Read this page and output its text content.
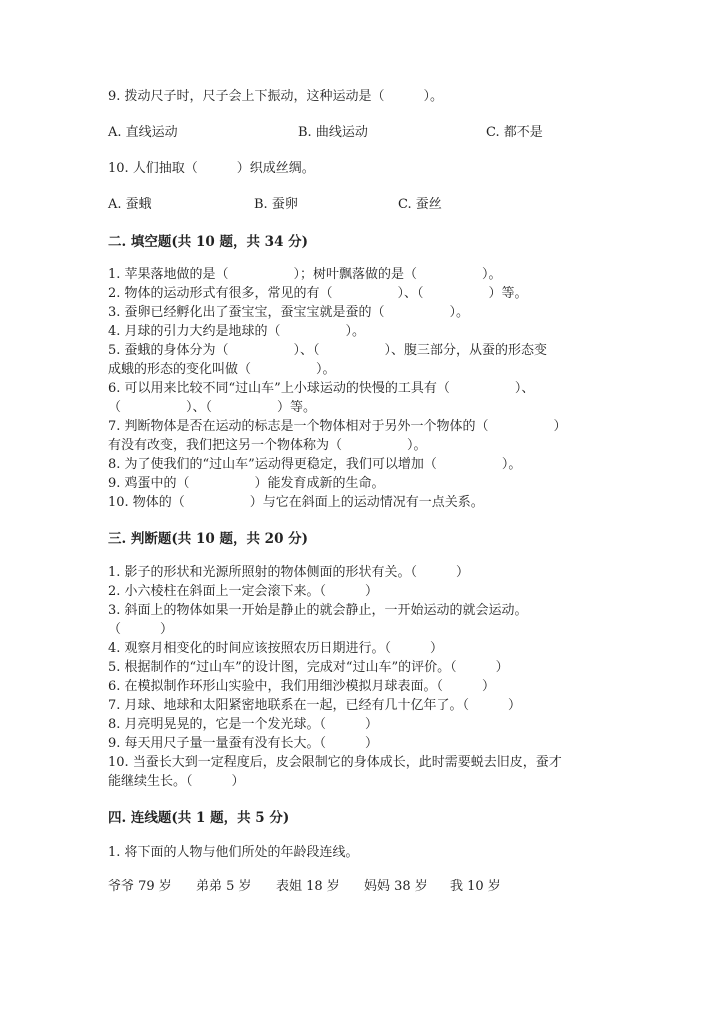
9. 拨动尺子时，尺子会上下振动，这种运动是（　　　）。
A. 直线运动	B. 曲线运动	C. 都不是
10. 人们抽取（　　　）织成丝绸。
A. 蚕蛾	B. 蚕卵	C. 蚕丝
二. 填空题(共 10 题，共 34 分)
1. 苹果落地做的是（　　　　　）；树叶飘落做的是（　　　　　）。
2. 物体的运动形式有很多，常见的有（　　　　　）、（　　　　　）等。
3. 蚕卵已经孵化出了蚕宝宝，蚕宝宝就是蚕的（　　　　　）。
4. 月球的引力大约是地球的（　　　　　）。
5. 蚕蛾的身体分为（　　　　　）、（　　　　　）、腹三部分，从蚕的形态变
成蛾的形态的变化叫做（　　　　　）。
6. 可以用来比较不同“过山车”上小球运动的快慢的工具有（　　　　　）、
（　　　　　）、（　　　　　）等。
7. 判断物体是否在运动的标志是一个物体相对于另外一个物体的（　　　　　）
有没有改变，我们把这另一个物体称为（　　　　　）。
8. 为了使我们的“过山车”运动得更稳定，我们可以增加（　　　　　）。
9. 鸡蛋中的（　　　　　）能发育成新的生命。
10. 物体的（　　　　　）与它在斜面上的运动情况有一点关系。
三. 判断题(共 10 题，共 20 分)
1. 影子的形状和光源所照射的物体侧面的形状有关。（　　　）
2. 小六棱柱在斜面上一定会滚下来。（　　　）
3. 斜面上的物体如果一开始是静止的就会静止，一开始运动的就会运动。
（　　　）
4. 观察月相变化的时间应该按照农历日期进行。（　　　）
5. 根据制作的“过山车”的设计图，完成对“过山车”的评价。（　　　）
6. 在模拟制作环形山实验中，我们用细沙模拟月球表面。（　　　）
7. 月球、地球和太阳紧密地联系在一起，已经有几十亿年了。（　　　）
8. 月亮明晃晃的，它是一个发光球。（　　　）
9. 每天用尺子量一量蚕有没有长大。（　　　）
10. 当蚕长大到一定程度后，皮会限制它的身体成长，此时需要蜕去旧皮，蚕才
能继续生长。（　　　）
四. 连线题(共 1 题，共 5 分)
1. 将下面的人物与他们所处的年龄段连线。
爷爷 79 岁 弟弟 5 岁 表姐 18 岁 妈妈 38 岁 我 10 岁
